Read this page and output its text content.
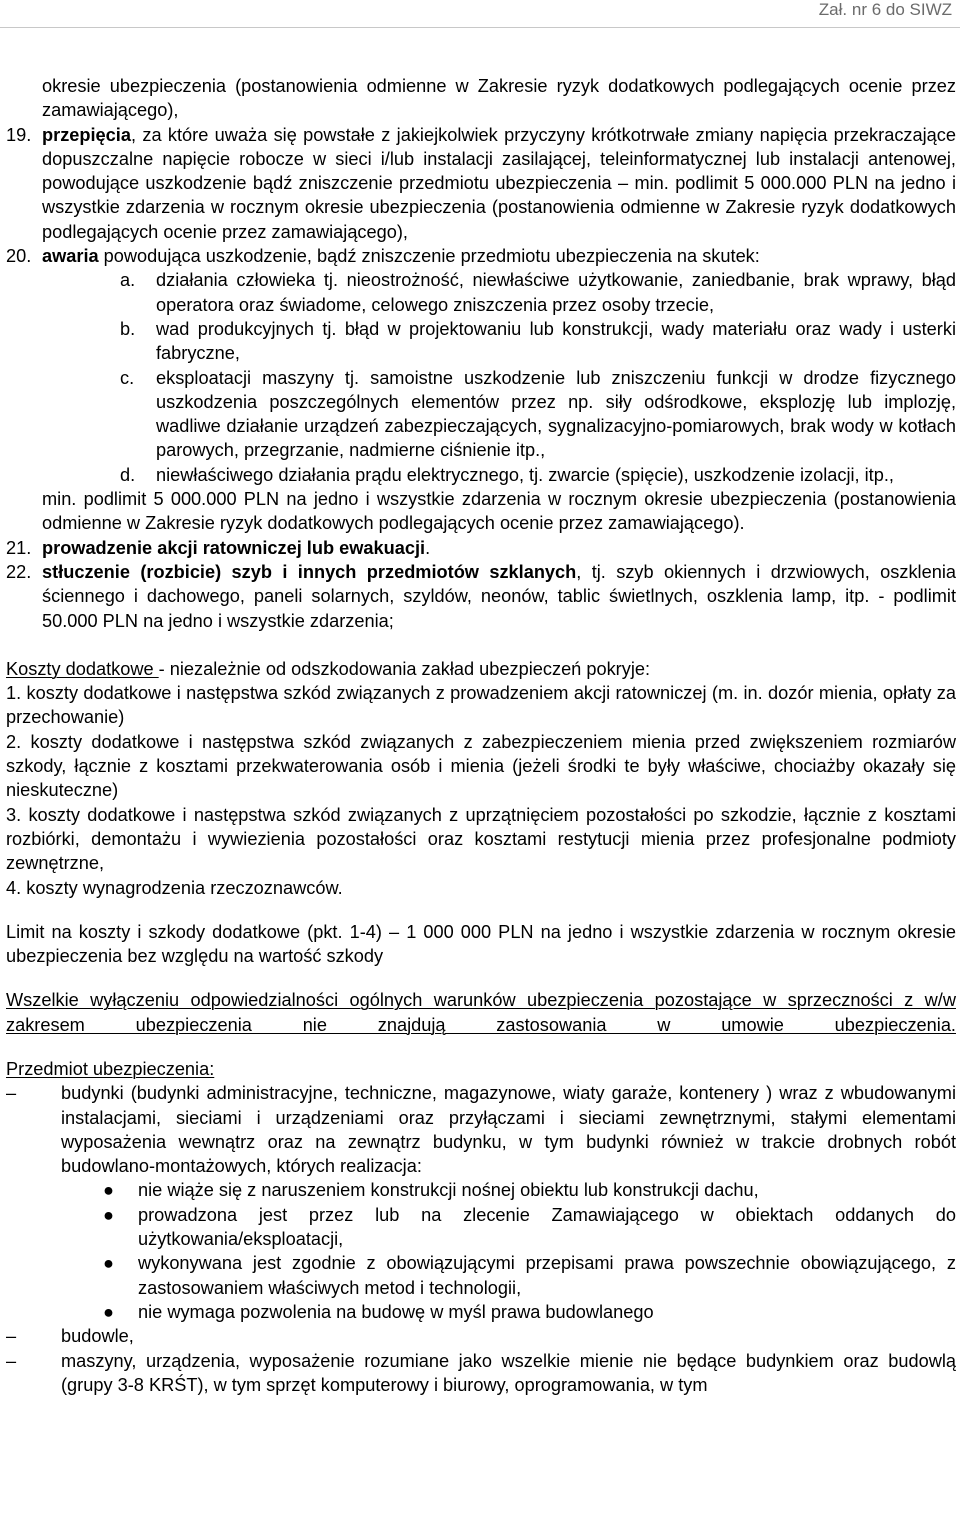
Zał. nr 6 do SIWZ

okresie ubezpieczenia (postanowienia odmienne w Zakresie ryzyk dodatkowych podlegających ocenie przez zamawiającego),

19. przepięcia, za które uważa się powstałe z jakiejkolwiek przyczyny krótkotrwałe zmiany napięcia przekraczające dopuszczalne napięcie robocze w sieci i/lub instalacji zasilającej, teleinformatycznej lub instalacji antenowej, powodujące uszkodzenie bądź zniszczenie przedmiotu ubezpieczenia – min. podlimit 5 000.000 PLN na jedno i wszystkie zdarzenia w rocznym okresie ubezpieczenia (postanowienia odmienne w Zakresie ryzyk dodatkowych podlegających ocenie przez zamawiającego),
20. awaria powodująca uszkodzenie, bądź zniszczenie przedmiotu ubezpieczenia na skutek:
a. działania człowieka tj. nieostrożność, niewłaściwe użytkowanie, zaniedbanie, brak wprawy, błąd operatora oraz świadome, celowego zniszczenia przez osoby trzecie,
b. wad produkcyjnych tj. błąd w projektowaniu lub konstrukcji, wady materiału oraz wady i usterki fabryczne,
c. eksploatacji maszyny tj. samoistne uszkodzenie lub zniszczeniu funkcji w drodze fizycznego uszkodzenia poszczególnych elementów przez np. siły odśrodkowe, eksplozję lub implozję, wadliwe działanie urządzeń zabezpieczających, sygnalizacyjno-pomiarowych, brak wody w kotłach parowych, przegrzanie, nadmierne ciśnienie itp.,
d. niewłaściwego działania prądu elektrycznego, tj. zwarcie (spięcie), uszkodzenie izolacji, itp.,

min. podlimit 5 000.000 PLN na jedno i wszystkie zdarzenia w rocznym okresie ubezpieczenia (postanowienia odmienne w Zakresie ryzyk dodatkowych podlegających ocenie przez zamawiającego).

21. prowadzenie akcji ratowniczej lub ewakuacji.
22. stłuczenie (rozbicie) szyb i innych przedmiotów szklanych, tj. szyb okiennych i drzwiowych, oszklenia ściennego i dachowego, paneli solarnych, szyldów, neonów, tablic świetlnych, oszklenia lamp, itp. - podlimit 50.000 PLN na jedno i wszystkie zdarzenia;

Koszty dodatkowe - niezależnie od odszkodowania zakład ubezpieczeń pokryje:

1. koszty dodatkowe i następstwa szkód związanych z prowadzeniem akcji ratowniczej (m. in. dozór mienia, opłaty za przechowanie)

2. koszty dodatkowe i następstwa szkód związanych z zabezpieczeniem mienia przed zwiększeniem rozmiarów szkody, łącznie z kosztami przekwaterowania osób i mienia (jeżeli środki te były właściwe, chociażby okazały się nieskuteczne)

3. koszty dodatkowe i następstwa szkód związanych z uprzątnięciem pozostałości po szkodzie, łącznie z kosztami rozbiórki, demontażu i wywiezienia pozostałości oraz kosztami restytucji mienia przez profesjonalne podmioty zewnętrzne,

4. koszty wynagrodzenia rzeczoznawców.

Limit na koszty i szkody dodatkowe (pkt. 1-4) – 1 000 000 PLN na jedno i wszystkie zdarzenia w rocznym okresie ubezpieczenia bez względu na wartość szkody

Wszelkie wyłączeniu odpowiedzialności ogólnych warunków ubezpieczenia pozostające w sprzeczności z w/w zakresem ubezpieczenia nie znajdują zastosowania w umowie ubezpieczenia.

Przedmiot ubezpieczenia:

– budynki (budynki administracyjne, techniczne, magazynowe, wiaty garaże, kontenery ) wraz z wbudowanymi instalacjami, sieciami i urządzeniami oraz przyłączami i sieciami zewnętrznymi, stałymi elementami wyposażenia wewnątrz oraz na zewnątrz budynku, w tym budynki również w trakcie drobnych robót budowlano-montażowych, których realizacja:
● nie wiąże się z naruszeniem konstrukcji nośnej obiektu lub konstrukcji dachu,
● prowadzona jest przez lub na zlecenie Zamawiającego w obiektach oddanych do użytkowania/eksploatacji,
● wykonywana jest zgodnie z obowiązującymi przepisami prawa powszechnie obowiązującego, z zastosowaniem właściwych metod i technologii,
● nie wymaga pozwolenia na budowę w myśl prawa budowlanego
– budowle,
– maszyny, urządzenia, wyposażenie rozumiane jako wszelkie mienie nie będące budynkiem oraz budowlą (grupy 3-8 KRŚT), w tym sprzęt komputerowy i biurowy, oprogramowania, w tym
